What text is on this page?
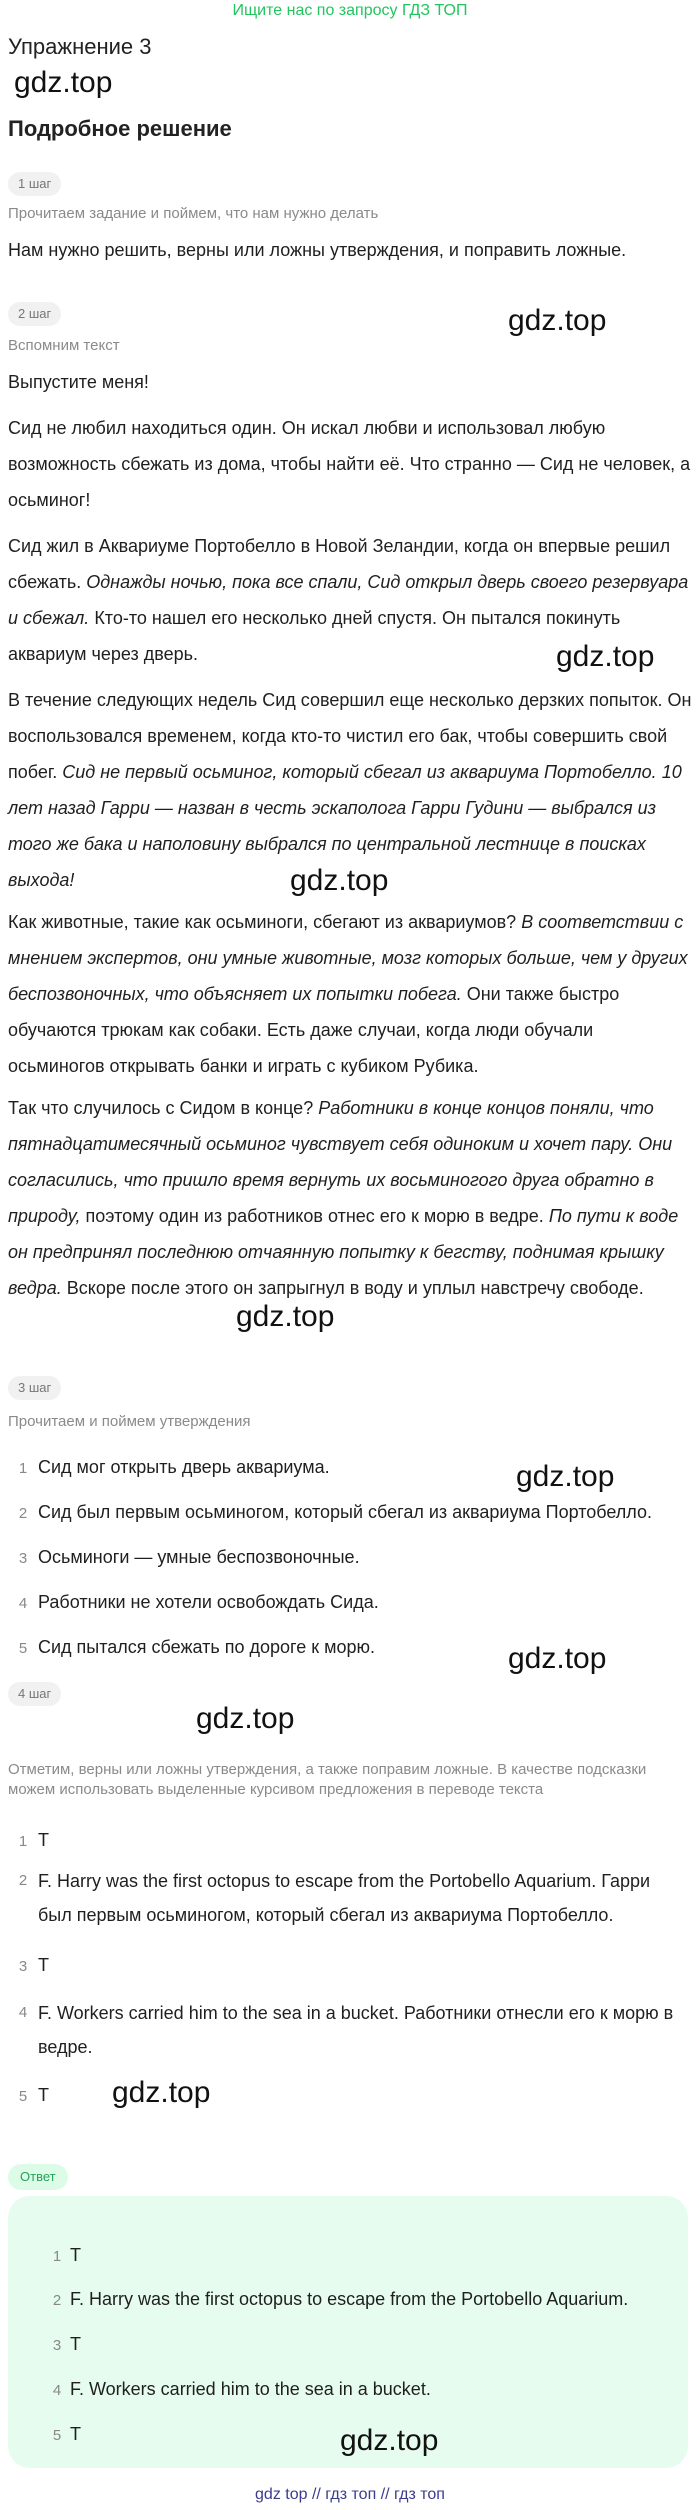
Ищите нас по запросу ГДЗ ТОП
Упражнение 3
gdz.top
Подробное решение
1 шаг
Прочитаем задание и поймем, что нам нужно делать
Нам нужно решить, верны или ложны утверждения, и поправить ложные.
2 шаг	gdz.top
Вспомним текст
Выпустите меня!
Сид не любил находиться один. Он искал любви и использовал любую возможность сбежать из дома, чтобы найти её. Что странно — Сид не человек, а осьминог!
Сид жил в Аквариуме Портобелло в Новой Зеландии, когда он впервые решил сбежать. Однажды ночью, пока все спали, Сид открыл дверь своего резервуара и сбежал. Кто-то нашел его несколько дней спустя. Он пытался покинуть аквариум через дверь.	gdz.top
В течение следующих недель Сид совершил еще несколько дерзких попыток. Он воспользовался временем, когда кто-то чистил его бак, чтобы совершить свой побег. Сид не первый осьминог, который сбегал из аквариума Портобелло. 10 лет назад Гарри — назван в честь эскаполога Гарри Гудини — выбрался из того же бака и наполовину выбрался по центральной лестнице в поисках выхода!	gdz.top
Как животные, такие как осьминоги, сбегают из аквариумов? В соответствии с мнением экспертов, они умные животные, мозг которых больше, чем у других беспозвоночных, что объясняет их попытки побега. Они также быстро обучаются трюкам как собаки. Есть даже случаи, когда люди обучали осьминогов открывать банки и играть с кубиком Рубика.
Так что случилось с Сидом в конце? Работники в конце концов поняли, что пятнадцатимесячный осьминог чувствует себя одиноким и хочет пару. Они согласились, что пришло время вернуть их восьминогого друга обратно в природу, поэтому один из работников отнес его к морю в ведре. По пути к воде он предпринял последнюю отчаянную попытку к бегству, поднимая крышку ведра. Вскоре после этого он запрыгнул в воду и уплыл навстречу свободе.
gdz.top
3 шаг
Прочитаем и поймем утверждения
1 Сид мог открыть дверь аквариума.	gdz.top
2 Сид был первым осьминогом, который сбегал из аквариума Портобелло.
3 Осьминоги — умные беспозвоночные.
4 Работники не хотели освобождать Сида.
5 Сид пытался сбежать по дороге к морю.	gdz.top
gdz.top
4 шаг
Отметим, верны или ложны утверждения, а также поправим ложные. В качестве подсказки можем использовать выделенные курсивом предложения в переводе текста
1 T
2 F. Harry was the first octopus to escape from the Portobello Aquarium. Гарри был первым осьминогом, который сбегал из аквариума Портобелло.
3 T
4 F. Workers carried him to the sea in a bucket. Работники отнесли его к морю в ведре.
5 T gdz.top
Ответ
1 T
2 F. Harry was the first octopus to escape from the Portobello Aquarium.
3 T
4 F. Workers carried him to the sea in a bucket.
5 T	gdz.top
gdz top // гдз топ // гдз топ
